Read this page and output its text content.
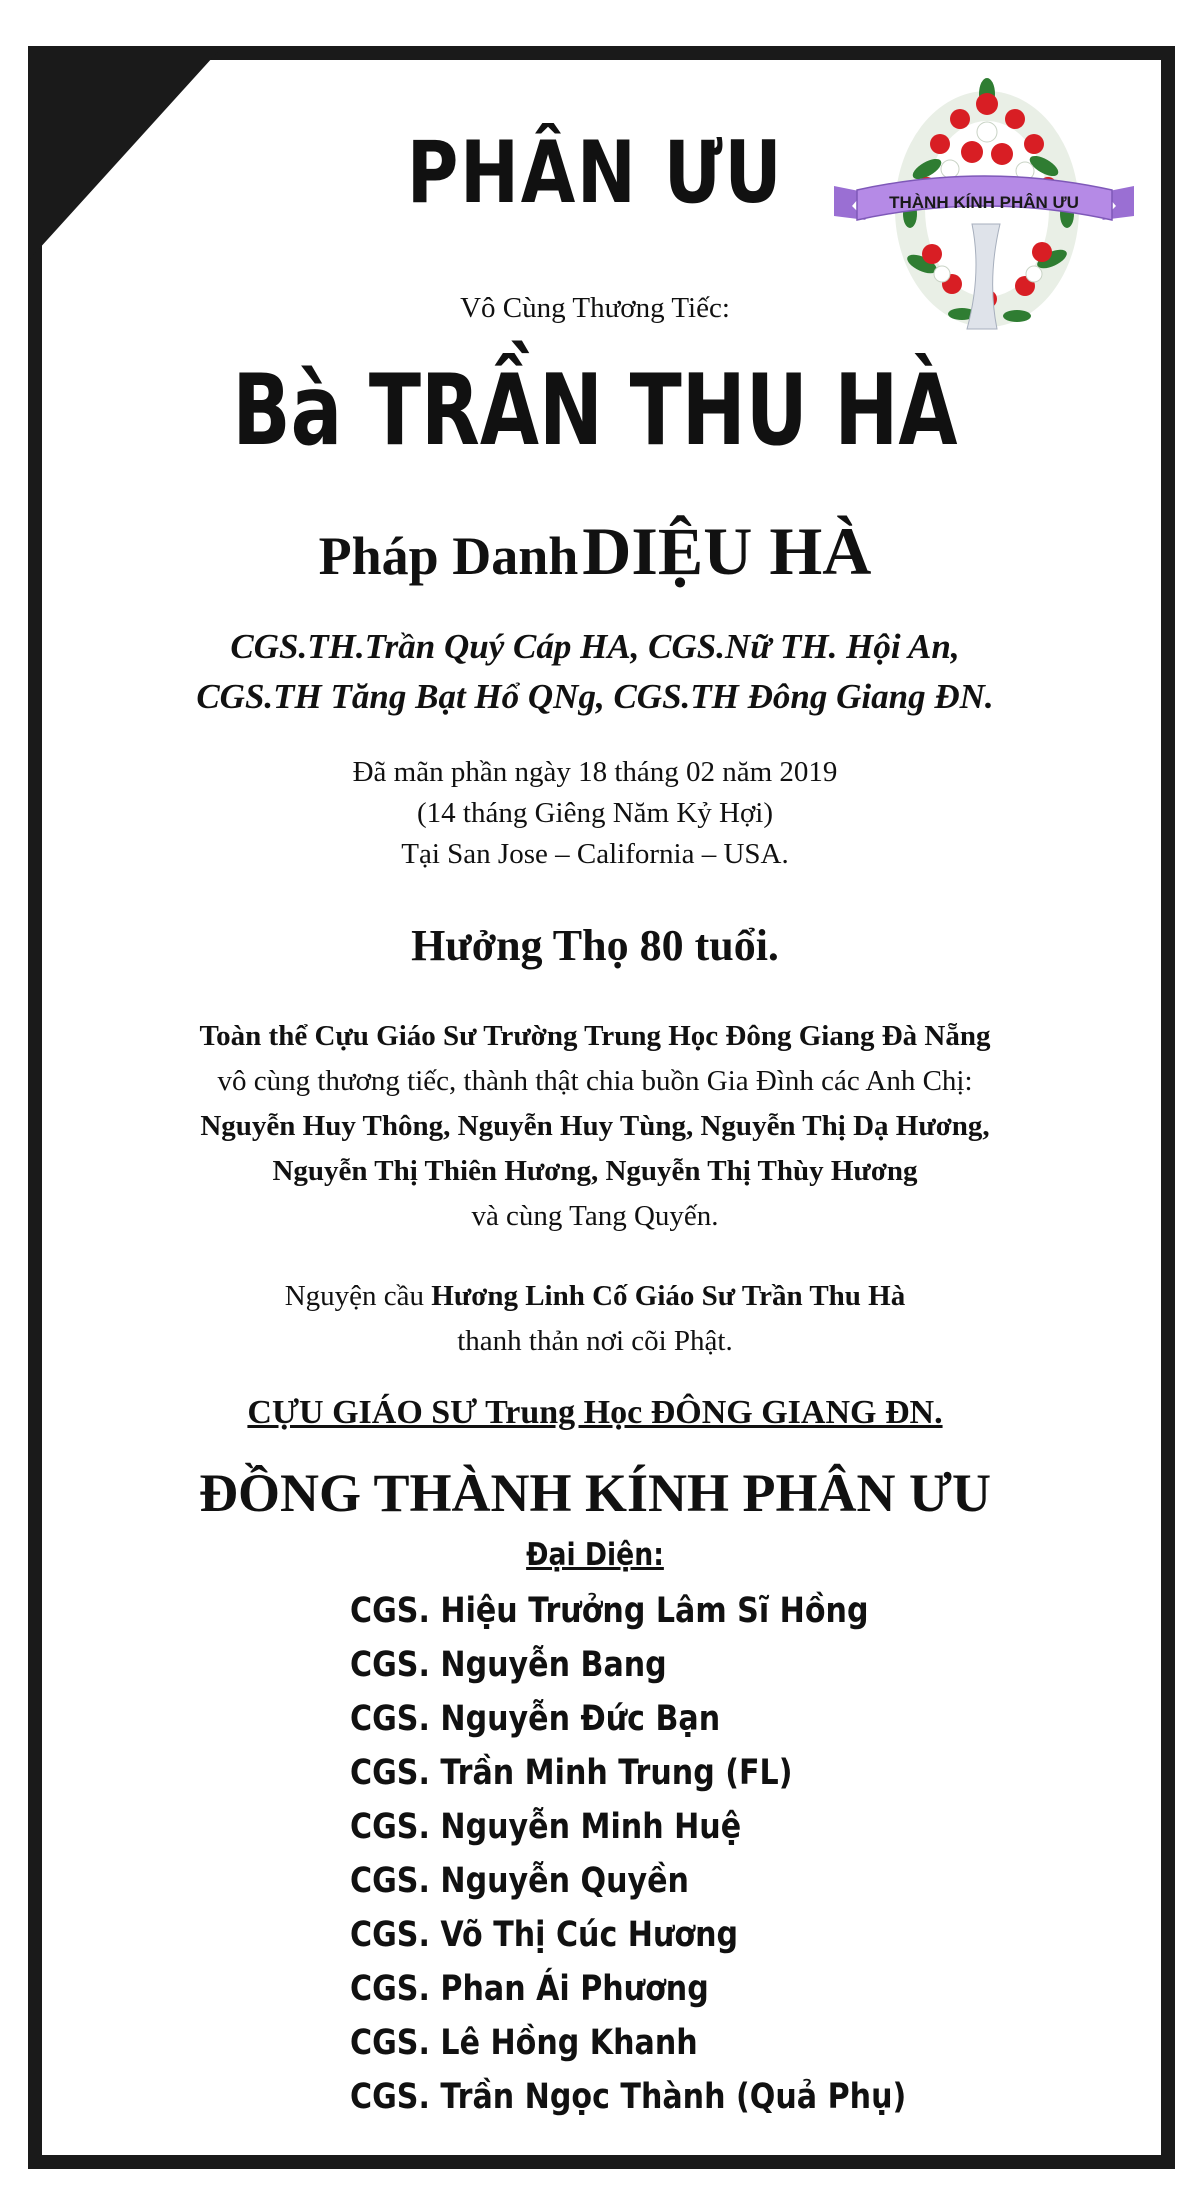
THÀNH KÍNH PHÂN ƯU
PHÂN ƯU

Vô Cùng Thương Tiếc:

Bà TRẦN THU HÀ

Pháp Danh DIỆU HÀ

CGS.TH.Trần Quý Cáp HA, CGS.Nữ TH. Hội An,
CGS.TH Tăng Bạt Hổ QNg, CGS.TH Đông Giang ĐN.
Đã mãn phần ngày 18 tháng 02 năm 2019
(14 tháng Giêng Năm Kỷ Hợi)
Tại San Jose – California – USA.

Hưởng Thọ 80 tuổi.

Toàn thể Cựu Giáo Sư Trường Trung Học Đông Giang Đà Nẵng
vô cùng thương tiếc, thành thật chia buồn Gia Đình các Anh Chị:
Nguyễn Huy Thông, Nguyễn Huy Tùng, Nguyễn Thị Dạ Hương,
Nguyễn Thị Thiên Hương, Nguyễn Thị Thùy Hương
và cùng Tang Quyến.
Nguyện cầu Hương Linh Cố Giáo Sư Trần Thu Hà
thanh thản nơi cõi Phật.

CỰU GIÁO SƯ Trung Học ĐÔNG GIANG ĐN.

ĐỒNG THÀNH KÍNH PHÂN ƯU

Đại Diện:

CGS. Hiệu Trưởng Lâm Sĩ Hồng
CGS. Nguyễn Bang
CGS. Nguyễn Đức Bạn
CGS. Trần Minh Trung (FL)
CGS. Nguyễn Minh Huệ
CGS. Nguyễn Quyền
CGS. Võ Thị Cúc Hương
CGS. Phan Ái Phương
CGS. Lê Hồng Khanh
CGS. Trần Ngọc Thành (Quả Phụ)
